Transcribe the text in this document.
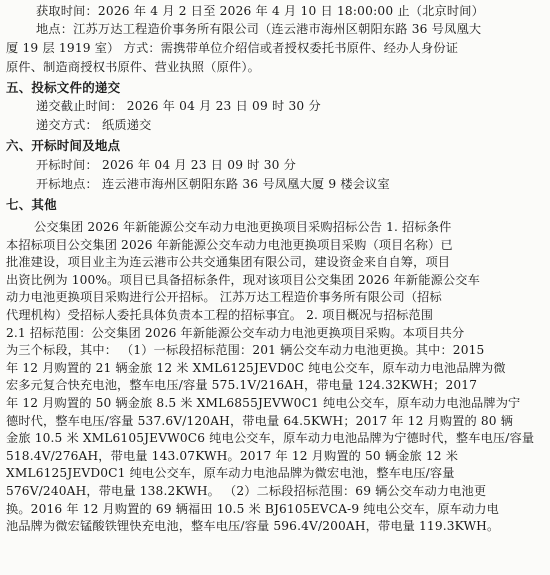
获取时间：2026 年 4 月 2 日至 2026 年 4 月 10 日 18:00:00 止（北京时间）
地点：江苏万达工程造价事务所有限公司（连云港市海州区朝阳东路 36 号凤凰大
厦 19 层 1919 室） 方式：需携带单位介绍信或者授权委托书原件、经办人身份证
原件、制造商授权书原件、营业执照（原件）。
五、投标文件的递交
递交截止时间： 2026 年 04 月 23 日 09 时 30 分
递交方式： 纸质递交
六、开标时间及地点
开标时间： 2026 年 04 月 23 日 09 时 30 分
开标地点： 连云港市海州区朝阳东路 36 号凤凰大厦 9 楼会议室
七、其他
公交集团 2026 年新能源公交车动力电池更换项目采购招标公告 1. 招标条件
本招标项目公交集团 2026 年新能源公交车动力电池更换项目采购（项目名称）已
批准建设，项目业主为连云港市公共交通集团有限公司，建设资金来自自筹，项目
出资比例为 100%。项目已具备招标条件，现对该项目公交集团 2026 年新能源公交车
动力电池更换项目采购进行公开招标。 江苏万达工程造价事务所有限公司（招标
代理机构）受招标人委托具体负责本工程的招标事宜。 2. 项目概况与招标范围
2.1 招标范围：公交集团 2026 年新能源公交车动力电池更换项目采购。本项目共分
为三个标段，其中： （1）一标段招标范围：201 辆公交车动力电池更换。其中：2015
年 12 月购置的 21 辆金旅 12 米 XML6125JEVD0C 纯电公交车，原车动力电池品牌为微
宏多元复合快充电池，整车电压/容量 575.1V/216AH，带电量 124.32KWH；2017
年 12 月购置的 50 辆金旅 8.5 米 XML6855JEVW0C1 纯电公交车，原车动力电池品牌为宁
德时代，整车电压/容量 537.6V/120AH，带电量 64.5KWH；2017 年 12 月购置的 80 辆
金旅 10.5 米 XML6105JEVW0C6 纯电公交车，原车动力电池品牌为宁德时代，整车电压/容量
518.4V/276AH，带电量 143.07KWH。2017 年 12 月购置的 50 辆金旅 12 米
XML6125JEVD0C1 纯电公交车，原车动力电池品牌为微宏电池，整车电压/容量
576V/240AH，带电量 138.2KWH。 （2）二标段招标范围：69 辆公交车动力电池更
换。2016 年 12 月购置的 69 辆福田 10.5 米 BJ6105EVCA-9 纯电公交车，原车动力电
池品牌为微宏锰酸铁锂快充电池，整车电压/容量 596.4V/200AH，带电量 119.3KWH。
